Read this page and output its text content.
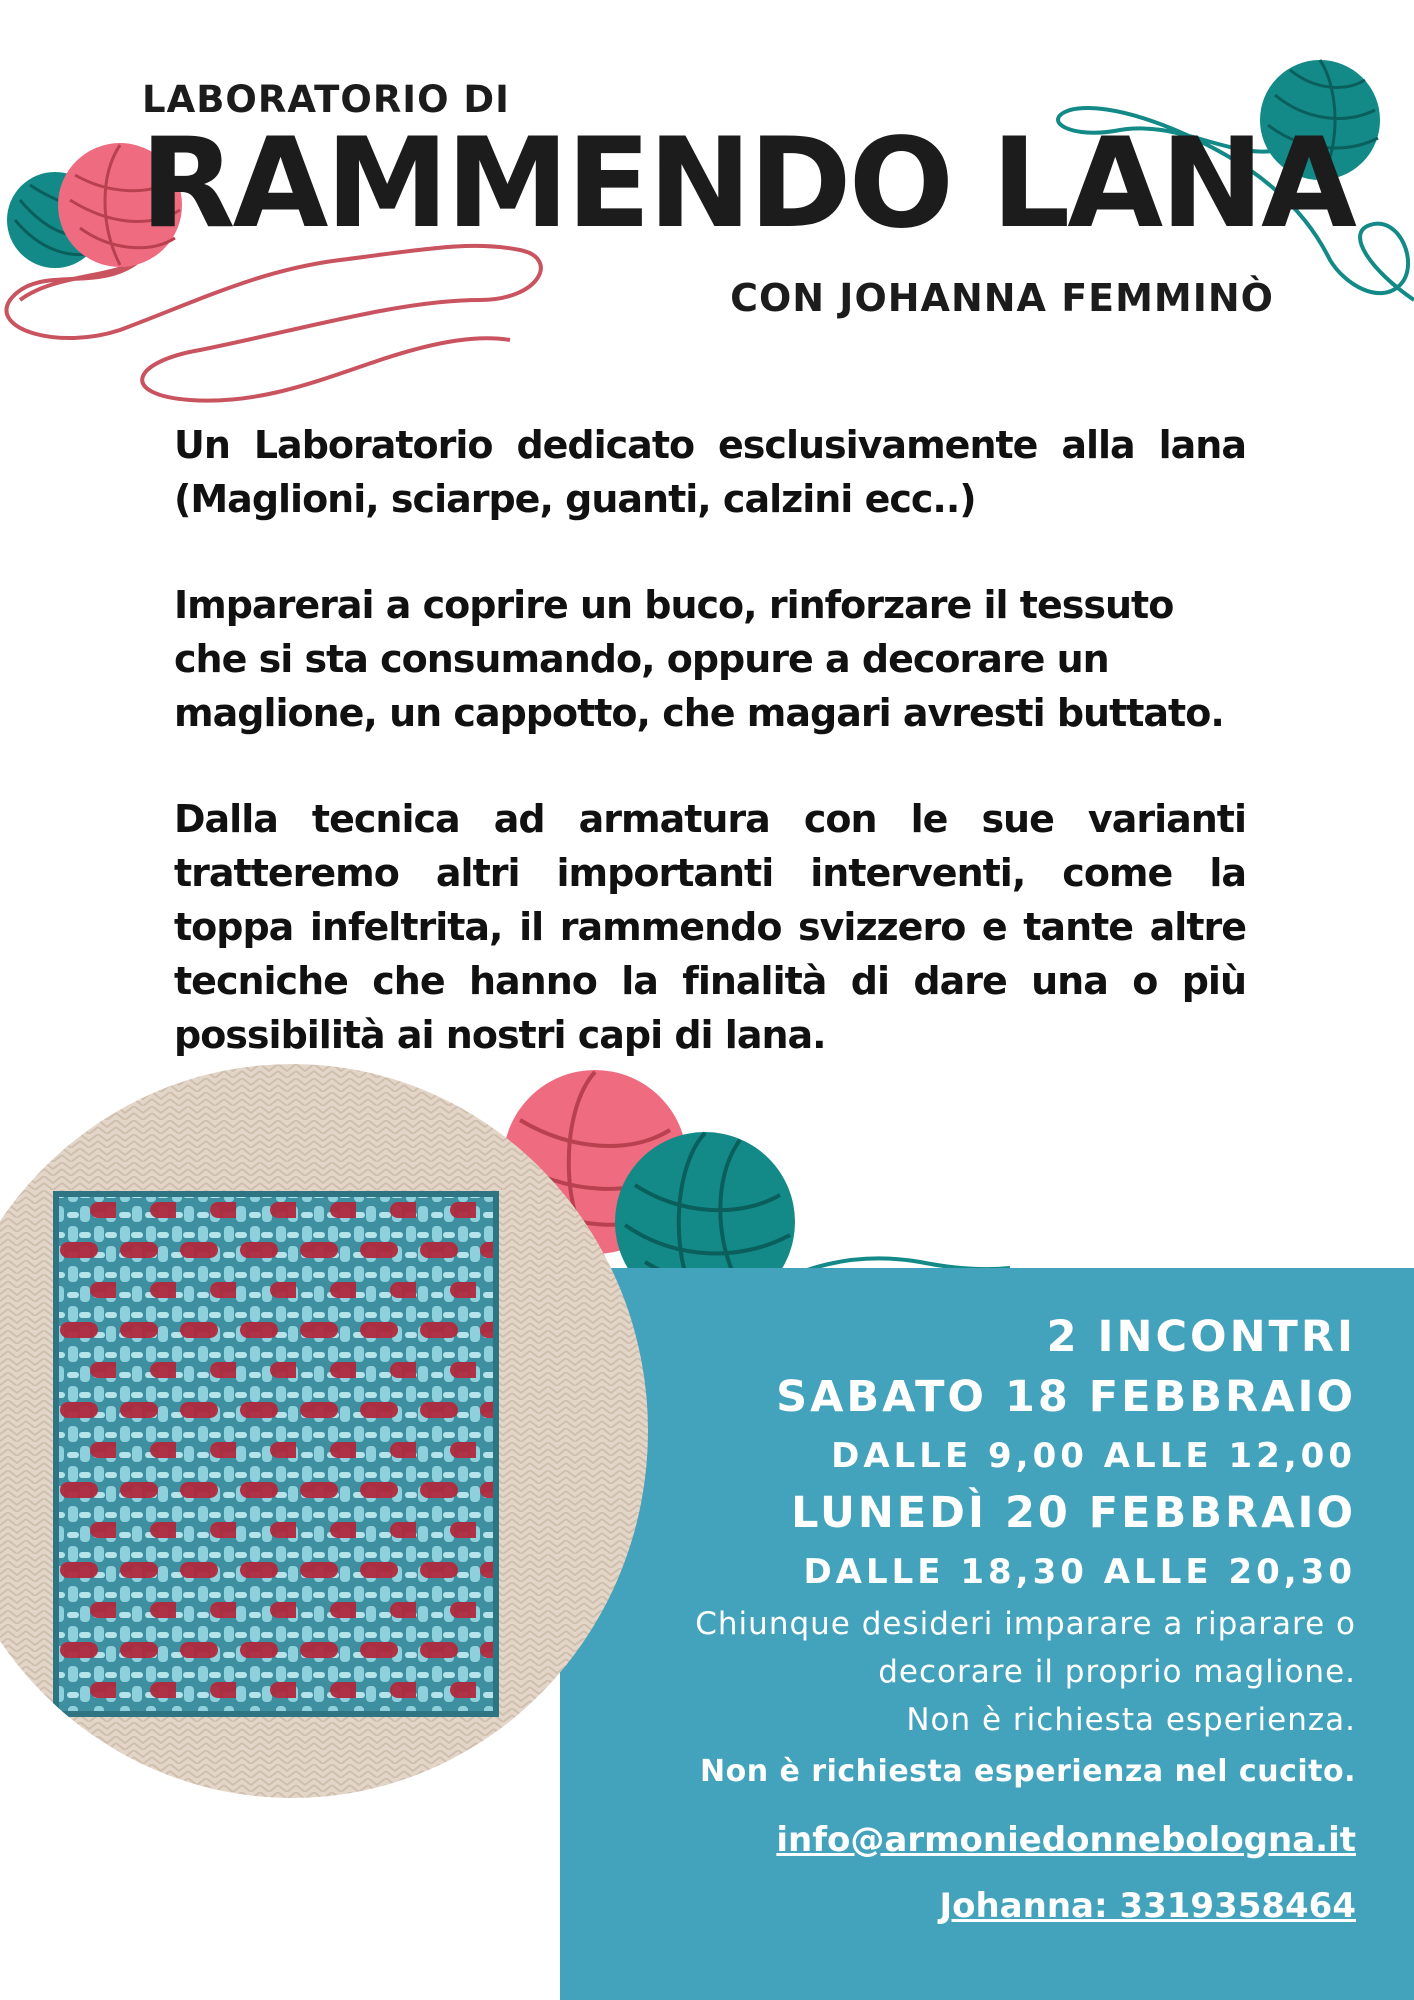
LABORATORIO DI
RAMMENDO LANA
CON JOHANNA FEMMINÒ
Un Laboratorio dedicato esclusivamente alla lana (Maglioni, sciarpe, guanti, calzini ecc..)
Imparerai a coprire un buco, rinforzare il tessuto che si sta consumando, oppure a decorare un maglione, un cappotto, che magari avresti buttato.
Dalla tecnica ad armatura con le sue varianti tratteremo altri importanti interventi, come la toppa infeltrita, il rammendo svizzero e tante altre tecniche che hanno la finalità di dare una o più possibilità ai nostri capi di lana.
2 INCONTRI
SABATO 18 FEBBRAIO
DALLE 9,00 ALLE 12,00
LUNEDÌ 20 FEBBRAIO
DALLE 18,30 ALLE 20,30
Chiunque desideri imparare a riparare o
decorare il proprio maglione.
Non è richiesta esperienza.
Non è richiesta esperienza nel cucito.
info@armoniedonnebologna.it
Johanna: 3319358464
